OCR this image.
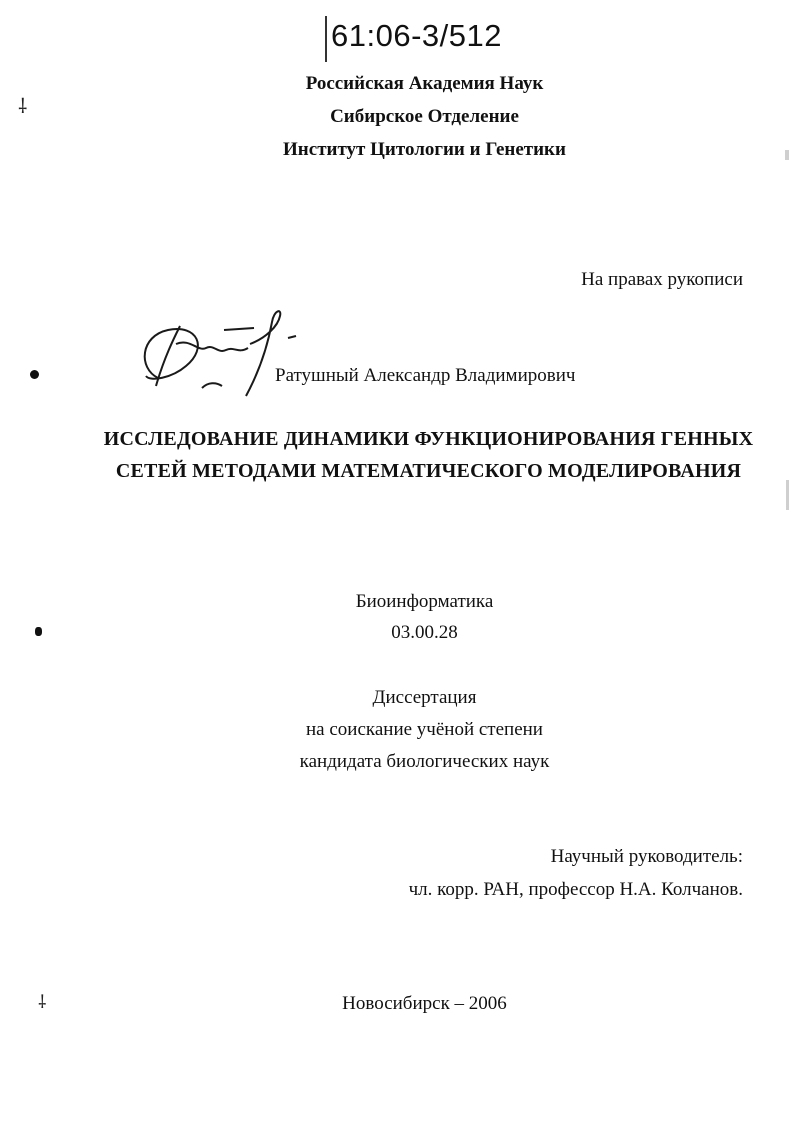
61:06-3/512
Российская Академия Наук
Сибирское Отделение
Институт Цитологии и Генетики
На правах рукописи
Ратушный Александр Владимирович
ИССЛЕДОВАНИЕ ДИНАМИКИ ФУНКЦИОНИРОВАНИЯ ГЕННЫХ
СЕТЕЙ МЕТОДАМИ МАТЕМАТИЧЕСКОГО МОДЕЛИРОВАНИЯ
Биоинформатика
03.00.28
Диссертация
на соискание учёной степени
кандидата биологических наук
Научный руководитель:
чл. корр. РАН, профессор Н.А. Колчанов.
Новосибирск – 2006
⸸
⸸
